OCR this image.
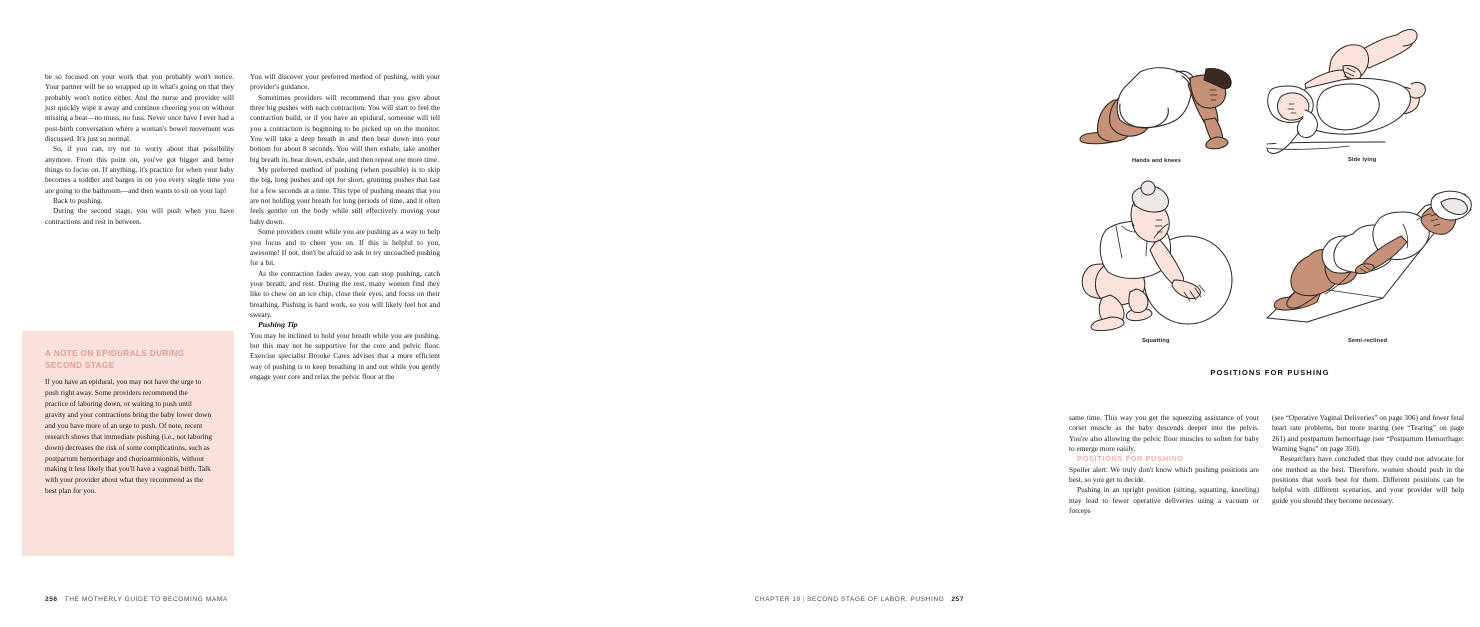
be so focused on your work that you probably won't notice. Your partner will be so wrapped up in what's going on that they probably won't notice either. And the nurse and provider will just quickly wipe it away and continue cheering you on without missing a beat—no muss, no fuss. Never once have I ever had a post-birth conversation where a woman's bowel movement was discussed. It's just so normal.

So, if you can, try not to worry about that possibility anymore. From this point on, you've got bigger and better things to focus on. If anything, it's practice for when your baby becomes a toddler and barges in on you every single time you are going to the bathroom—and then wants to sit on your lap!

Back to pushing.

During the second stage, you will push when you have contractions and rest in between.

A NOTE ON EPIDURALS DURING SECOND STAGE

If you have an epidural, you may not have the urge to push right away. Some providers recommend the practice of laboring down, or waiting to push until gravity and your contractions bring the baby lower down and you have more of an urge to push. Of note, recent research shows that immediate pushing (i.e., not laboring down) decreases the risk of some complications, such as postpartum hemorrhage and chorioamnionitis, without making it less likely that you'll have a vaginal birth. Talk with your provider about what they recommend as the best plan for you.

You will discover your preferred method of pushing, with your provider's guidance.

Sometimes providers will recommend that you give about three big pushes with each contraction. You will start to feel the contraction build, or if you have an epidural, someone will tell you a contraction is beginning to be picked up on the monitor. You will take a deep breath in and then bear down into your bottom for about 8 seconds. You will then exhale, take another big breath in, bear down, exhale, and then repeat one more time.

My preferred method of pushing (when possible) is to skip the big, long pushes and opt for short, grunting pushes that last for a few seconds at a time. This type of pushing means that you are not holding your breath for long periods of time, and it often feels gentler on the body while still effectively moving your baby down.

Some providers count while you are pushing as a way to help you focus and to cheer you on. If this is helpful to you, awesome! If not, don't be afraid to ask to try uncoached pushing for a bit.

As the contraction fades away, you can stop pushing, catch your breath, and rest. During the rest, many women find they like to chew on an ice chip, close their eyes, and focus on their breathing. Pushing is hard work, so you will likely feel hot and sweaty.

Pushing Tip

You may be inclined to hold your breath while you are pushing, but this may not be supportive for the core and pelvic floor. Exercise specialist Brooke Cates advises that a more efficient way of pushing is to keep breathing in and out while you gently engage your core and relax the pelvic floor at the

256 THE MOTHERLY GUIDE TO BECOMING MAMA
Hands and knees	Side lying
Squatting	Semi-reclined
POSITIONS FOR PUSHING

same time. This way you get the squeezing assistance of your corset muscle as the baby descends deeper into the pelvis. You're also allowing the pelvic floor muscles to soften for baby to emerge more easily.

POSITIONS FOR PUSHING

Spoiler alert: We truly don't know which pushing positions are best, so you get to decide.

Pushing in an upright position (sitting, squatting, kneeling) may lead to fewer operative deliveries using a vacuum or forceps

(see “Operative Vaginal Deliveries” on page 306) and fewer fetal heart rate problems, but more tearing (see “Tearing” on page 261) and postpartum hemorrhage (see “Postpartum Hemorrhage: Warning Signs” on page 350).

Researchers have concluded that they could not advocate for one method as the best. Therefore, women should push in the positions that work best for them. Different positions can be helpful with different scenarios, and your provider will help guide you should they become necessary.

CHAPTER 19 | SECOND STAGE OF LABOR: PUSHING 257
